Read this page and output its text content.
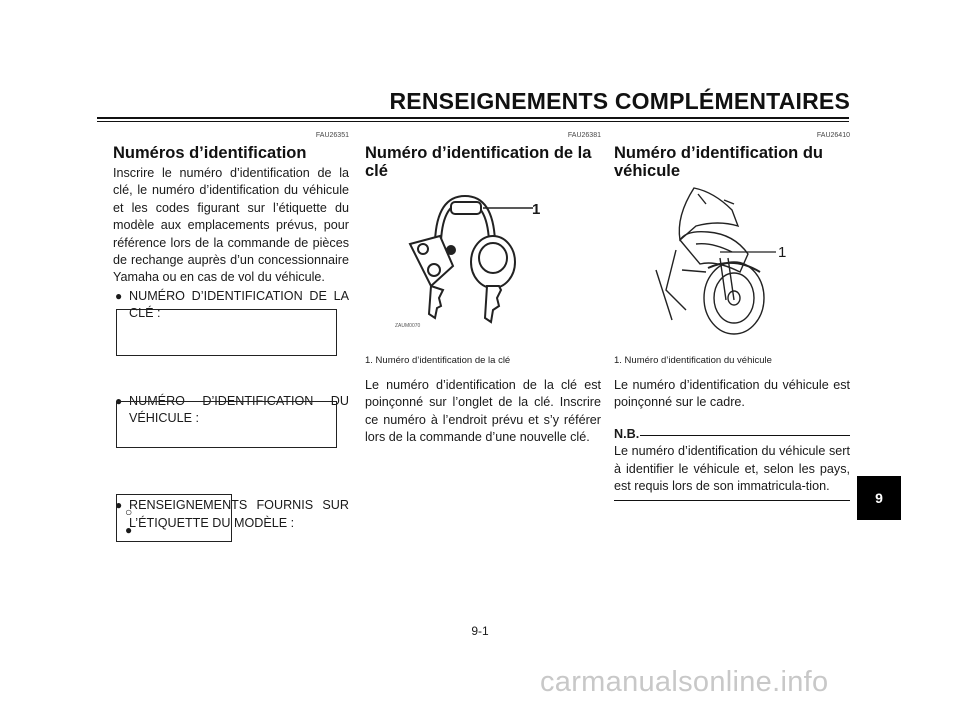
RENSEIGNEMENTS COMPLÉMENTAIRES
FAU26351
Numéros d’identification

Inscrire le numéro d’identification de la clé, le numéro d’identification du véhicule et les codes figurant sur l’étiquette du modèle aux emplacements prévus, pour référence lors de la commande de pièces de rechange auprès d’un concessionnaire Yamaha ou en cas de vol du véhicule.

● NUMÉRO D’IDENTIFICATION DE LA CLÉ :
● NUMÉRO D’IDENTIFICATION DU VÉHICULE :
● RENSEIGNEMENTS FOURNIS SUR L’ÉTIQUETTE DU MODÈLE :
○
●
FAU26381
Numéro d’identification de la clé
1. Numéro d’identification de la clé

Le numéro d’identification de la clé est poinçonné sur l’onglet de la clé. Inscrire ce numéro à l’endroit prévu et s’y référer lors de la commande d’une nouvelle clé.

ZAUM0070
1
FAU26410
Numéro d’identification du véhicule
1. Numéro d’identification du véhicule

Le numéro d’identification du véhicule est poinçonné sur le cadre.

N.B.

Le numéro d’identification du véhicule sert à identifier le véhicule et, selon les pays, est requis lors de son immatricula-tion.

1
9
9-1
carmanualsonline.info
